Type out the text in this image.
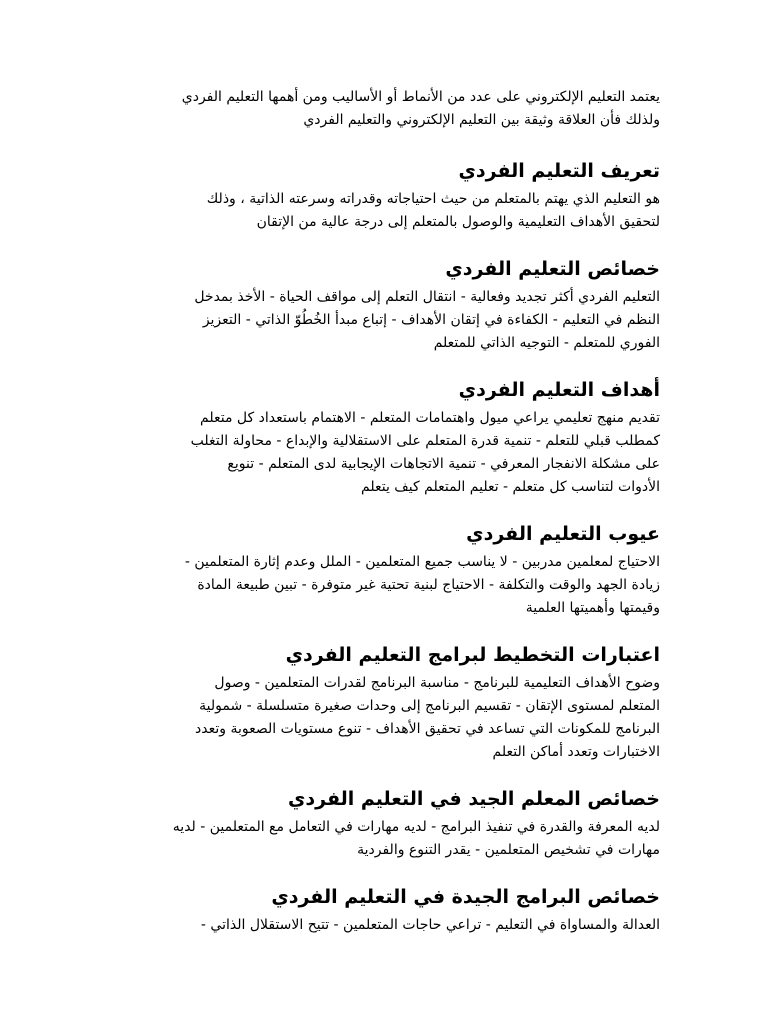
يعتمد التعليم الإلكتروني على عدد من الأنماط أو الأساليب ومن أهمها التعليم الفردي
ولذلك فأن العلاقة وثيقة بين التعليم الإلكتروني والتعليم الفردي

تعريف التعليم الفردي

هو التعليم الذي يهتم بالمتعلم من حيث احتياجاته وقدراته وسرعته الذاتية ، وذلك
لتحقيق الأهداف التعليمية والوصول بالمتعلم إلى درجة عالية من الإتقان

خصائص التعليم الفردي

التعليم الفردي أكثر تجديد وفعالية - انتقال التعلم إلى مواقف الحياة - الأخذ بمدخل
النظم في التعليم - الكفاءة في إتقان الأهداف - إتباع مبدأ الخُطُوّ الذاتي - التعزيز
الفوري للمتعلم - التوجيه الذاتي للمتعلم

أهداف التعليم الفردي

تقديم منهج تعليمي يراعي ميول واهتمامات المتعلم - الاهتمام باستعداد كل متعلم
كمطلب قبلي للتعلم - تنمية قدرة المتعلم على الاستقلالية والإبداع - محاولة التغلب
على مشكلة الانفجار المعرفي - تنمية الاتجاهات الإيجابية لدى المتعلم - تنويع
الأدوات لتناسب كل متعلم - تعليم المتعلم كيف يتعلم

عيوب التعليم الفردي

الاحتياج لمعلمين مدربين - لا يناسب جميع المتعلمين - الملل وعدم إثارة المتعلمين -
زيادة الجهد والوقت والتكلفة - الاحتياج لبنية تحتية غير متوفرة - تبين طبيعة المادة
وقيمتها وأهميتها العلمية

اعتبارات التخطيط لبرامج التعليم الفردي

وضوح الأهداف التعليمية للبرنامج - مناسبة البرنامج لقدرات المتعلمين - وصول
المتعلم لمستوى الإتقان - تقسيم البرنامج إلى وحدات صغيرة متسلسلة - شمولية
البرنامج للمكونات التي تساعد في تحقيق الأهداف - تنوع مستويات الصعوبة وتعدد
الاختبارات وتعدد أماكن التعلم

خصائص المعلم الجيد في التعليم الفردي

لديه المعرفة والقدرة في تنفيذ البرامج - لديه مهارات في التعامل مع المتعلمين - لديه
مهارات في تشخيص المتعلمين - يقدر التنوع والفردية

خصائص البرامج الجيدة في التعليم الفردي

العدالة والمساواة في التعليم - تراعي حاجات المتعلمين - تتيح الاستقلال الذاتي -
